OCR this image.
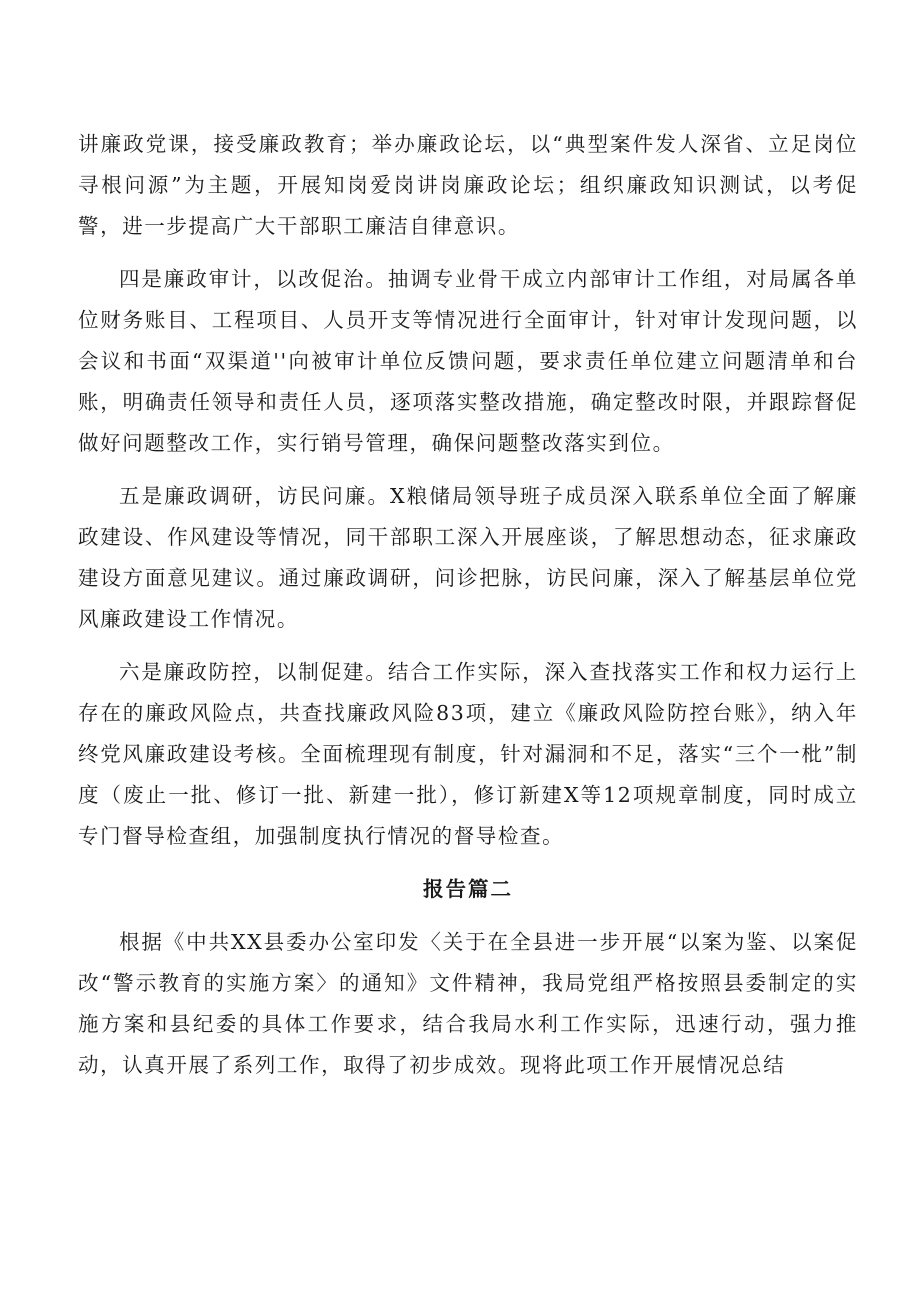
讲廉政党课，接受廉政教育；举办廉政论坛，以“典型案件发人深省、立足岗位寻根问源”为主题，开展知岗爱岗讲岗廉政论坛；组织廉政知识测试，以考促警，进一步提高广大干部职工廉洁自律意识。

四是廉政审计，以改促治。抽调专业骨干成立内部审计工作组，对局属各单位财务账目、工程项目、人员开支等情况进行全面审计，针对审计发现问题，以会议和书面“双渠道''向被审计单位反馈问题，要求责任单位建立问题清单和台账，明确责任领导和责任人员，逐项落实整改措施，确定整改时限，并跟踪督促做好问题整改工作，实行销号管理，确保问题整改落实到位。

五是廉政调研，访民问廉。X粮储局领导班子成员深入联系单位全面了解廉政建设、作风建设等情况，同干部职工深入开展座谈，了解思想动态，征求廉政建设方面意见建议。通过廉政调研，问诊把脉，访民问廉，深入了解基层单位党风廉政建设工作情况。

六是廉政防控，以制促建。结合工作实际，深入查找落实工作和权力运行上存在的廉政风险点，共查找廉政风险83项，建立《廉政风险防控台账》，纳入年终党风廉政建设考核。全面梳理现有制度，针对漏洞和不足，落实“三个一枇”制度（废止一批、修订一批、新建一批），修订新建X等12项规章制度，同时成立专门督导检查组，加强制度执行情况的督导检查。

报告篇二

根据《中共XX县委办公室印发〈关于在全县进一步开展“以案为鉴、以案促改“警示教育的实施方案〉的通知》文件精神，我局党组严格按照县委制定的实施方案和县纪委的具体工作要求，结合我局水利工作实际，迅速行动，强力推动，认真开展了系列工作，取得了初步成效。现将此项工作开展情况总结
